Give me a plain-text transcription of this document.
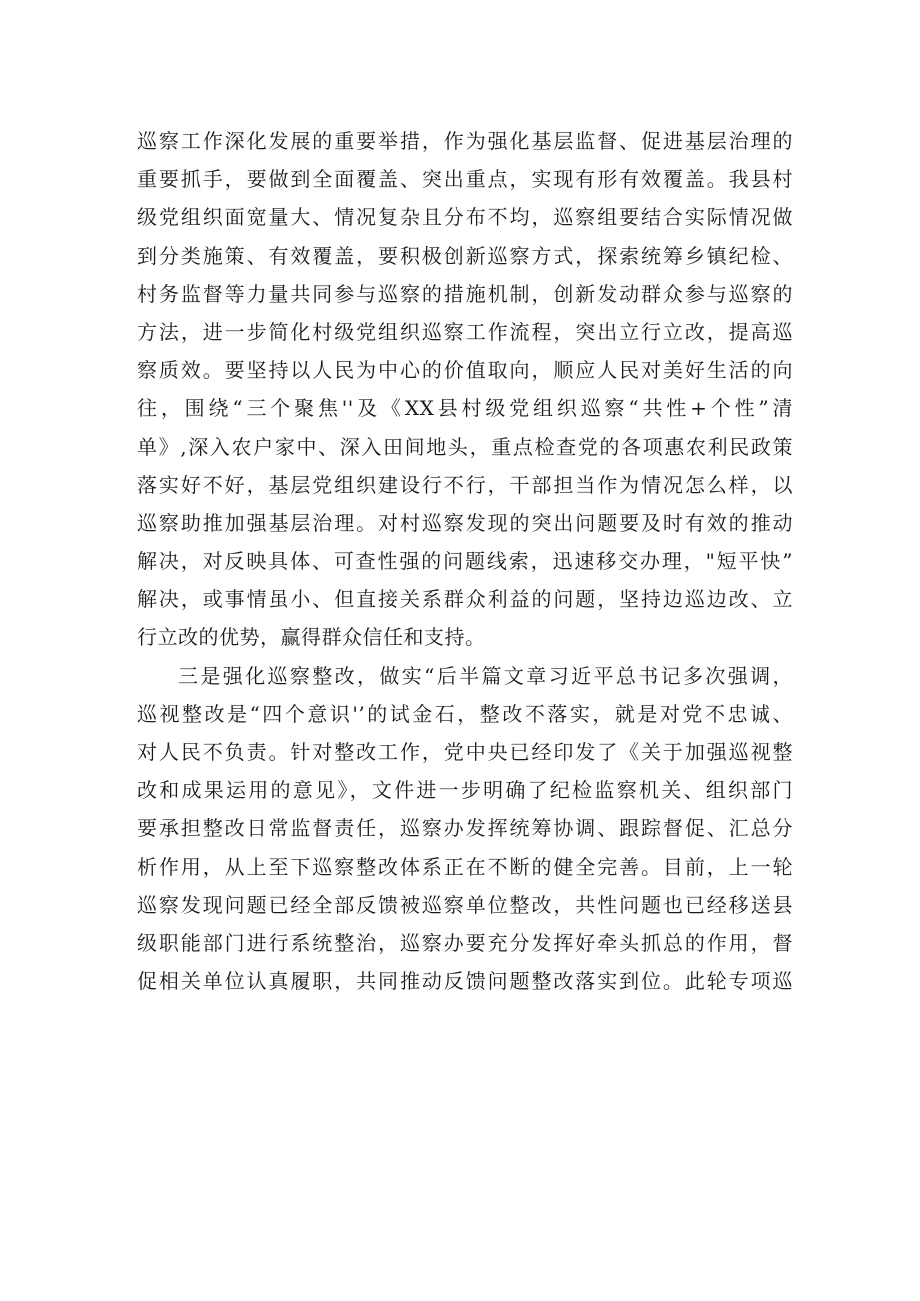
巡察工作深化发展的重要举措，作为强化基层监督、促进基层治理的
重要抓手，要做到全面覆盖、突出重点，实现有形有效覆盖。我县村
级党组织面宽量大、情况复杂且分布不均，巡察组要结合实际情况做
到分类施策、有效覆盖，要积极创新巡察方式，探索统筹乡镇纪检、
村务监督等力量共同参与巡察的措施机制，创新发动群众参与巡察的
方法，进一步简化村级党组织巡察工作流程，突出立行立改，提高巡
察质效。要坚持以人民为中心的价值取向，顺应人民对美好生活的向
往，围绕“三个聚焦''及《XX县村级党组织巡察“共性+个性”清
单》,深入农户家中、深入田间地头，重点检查党的各项惠农利民政策
落实好不好，基层党组织建设行不行，干部担当作为情况怎么样，以
巡察助推加强基层治理。对村巡察发现的突出问题要及时有效的推动
解决，对反映具体、可查性强的问题线索，迅速移交办理，"短平快”
解决，或事情虽小、但直接关系群众利益的问题，坚持边巡边改、立
行立改的优势，赢得群众信任和支持。
三是强化巡察整改，做实“后半篇文章习近平总书记多次强调，
巡视整改是“四个意识'’的试金石，整改不落实，就是对党不忠诚、
对人民不负责。针对整改工作，党中央已经印发了《关于加强巡视整
改和成果运用的意见》，文件进一步明确了纪检监察机关、组织部门
要承担整改日常监督责任，巡察办发挥统筹协调、跟踪督促、汇总分
析作用，从上至下巡察整改体系正在不断的健全完善。目前，上一轮
巡察发现问题已经全部反馈被巡察单位整改，共性问题也已经移送县
级职能部门进行系统整治，巡察办要充分发挥好牵头抓总的作用，督
促相关单位认真履职，共同推动反馈问题整改落实到位。此轮专项巡
